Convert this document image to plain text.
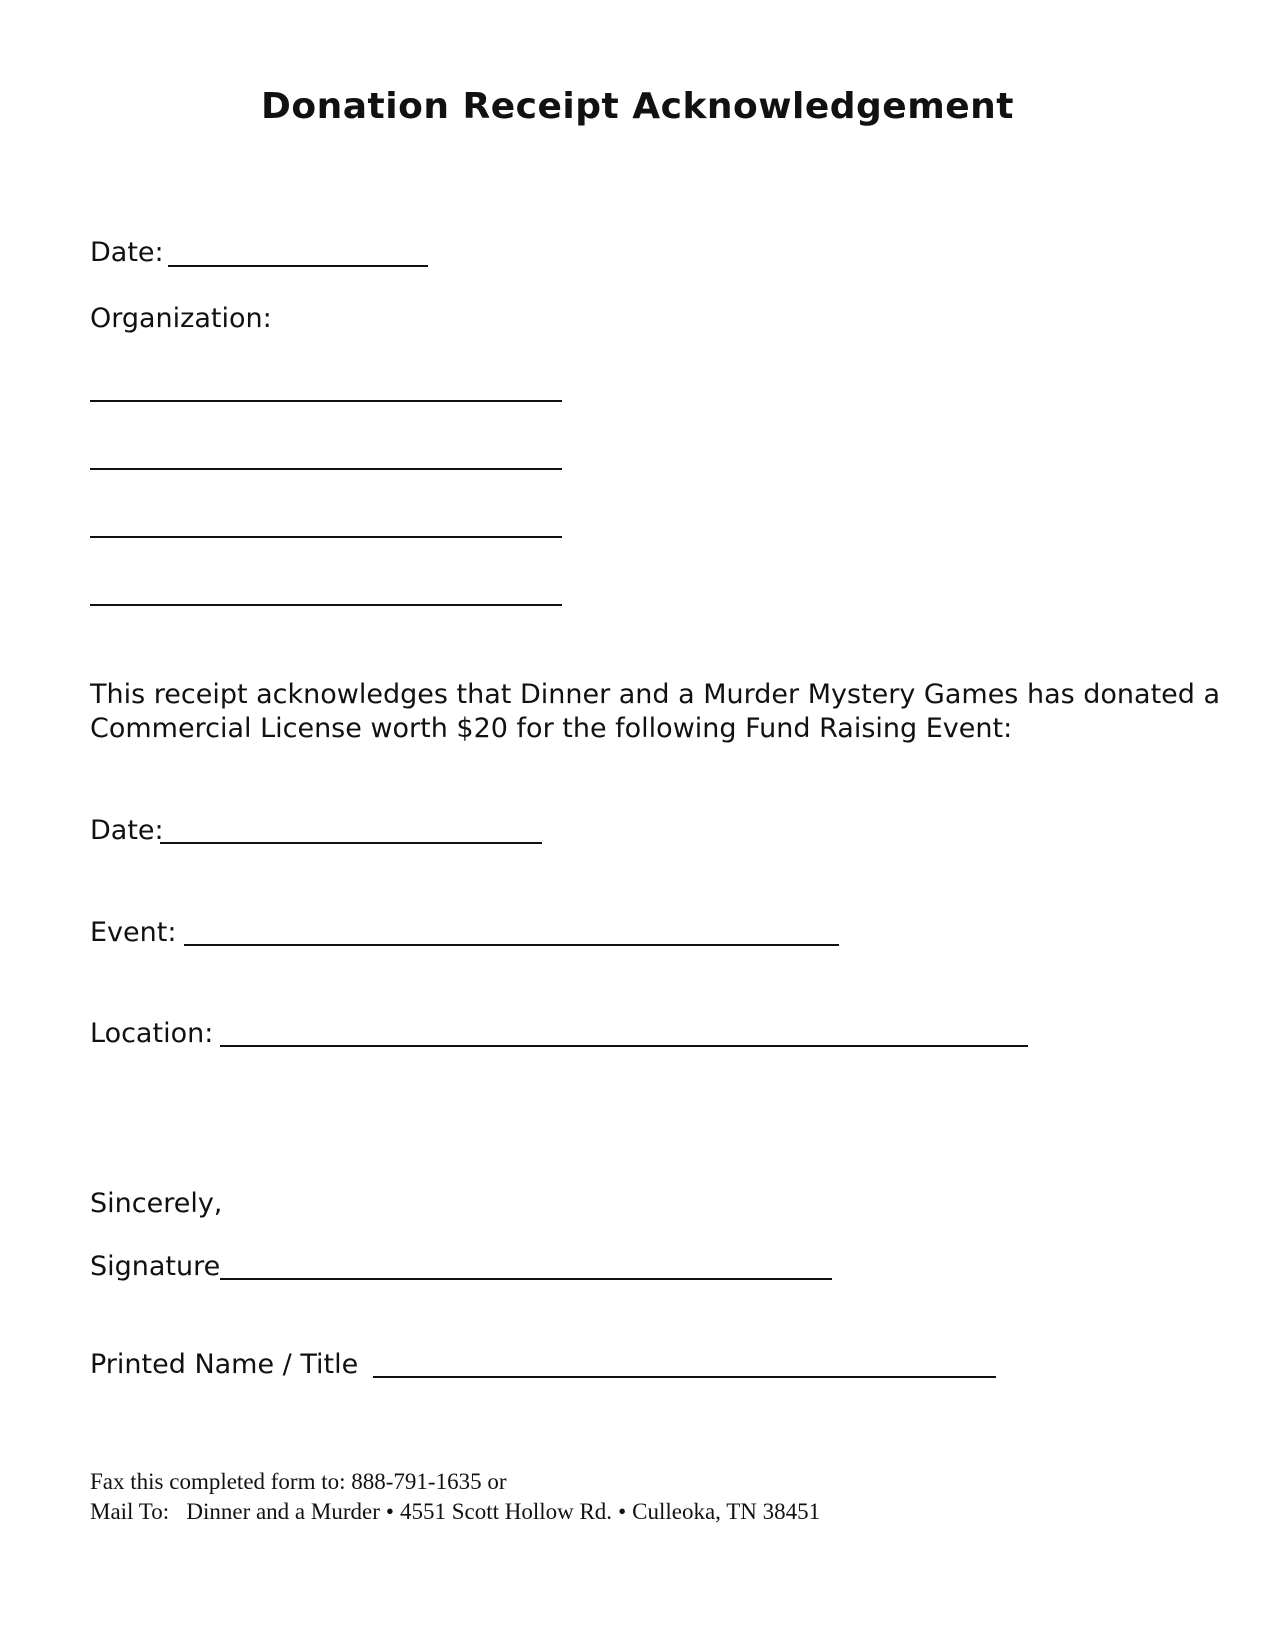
Donation Receipt Acknowledgement
Date:
Organization:
This receipt acknowledges that Dinner and a Murder Mystery Games has donated a
Commercial License worth $20 for the following Fund Raising Event:
Date:
Event:
Location:
Sincerely,
Signature
Printed Name / Title
Fax this completed form to: 888-791-1635 or
Mail To: Dinner and a Murder • 4551 Scott Hollow Rd. • Culleoka, TN 38451
